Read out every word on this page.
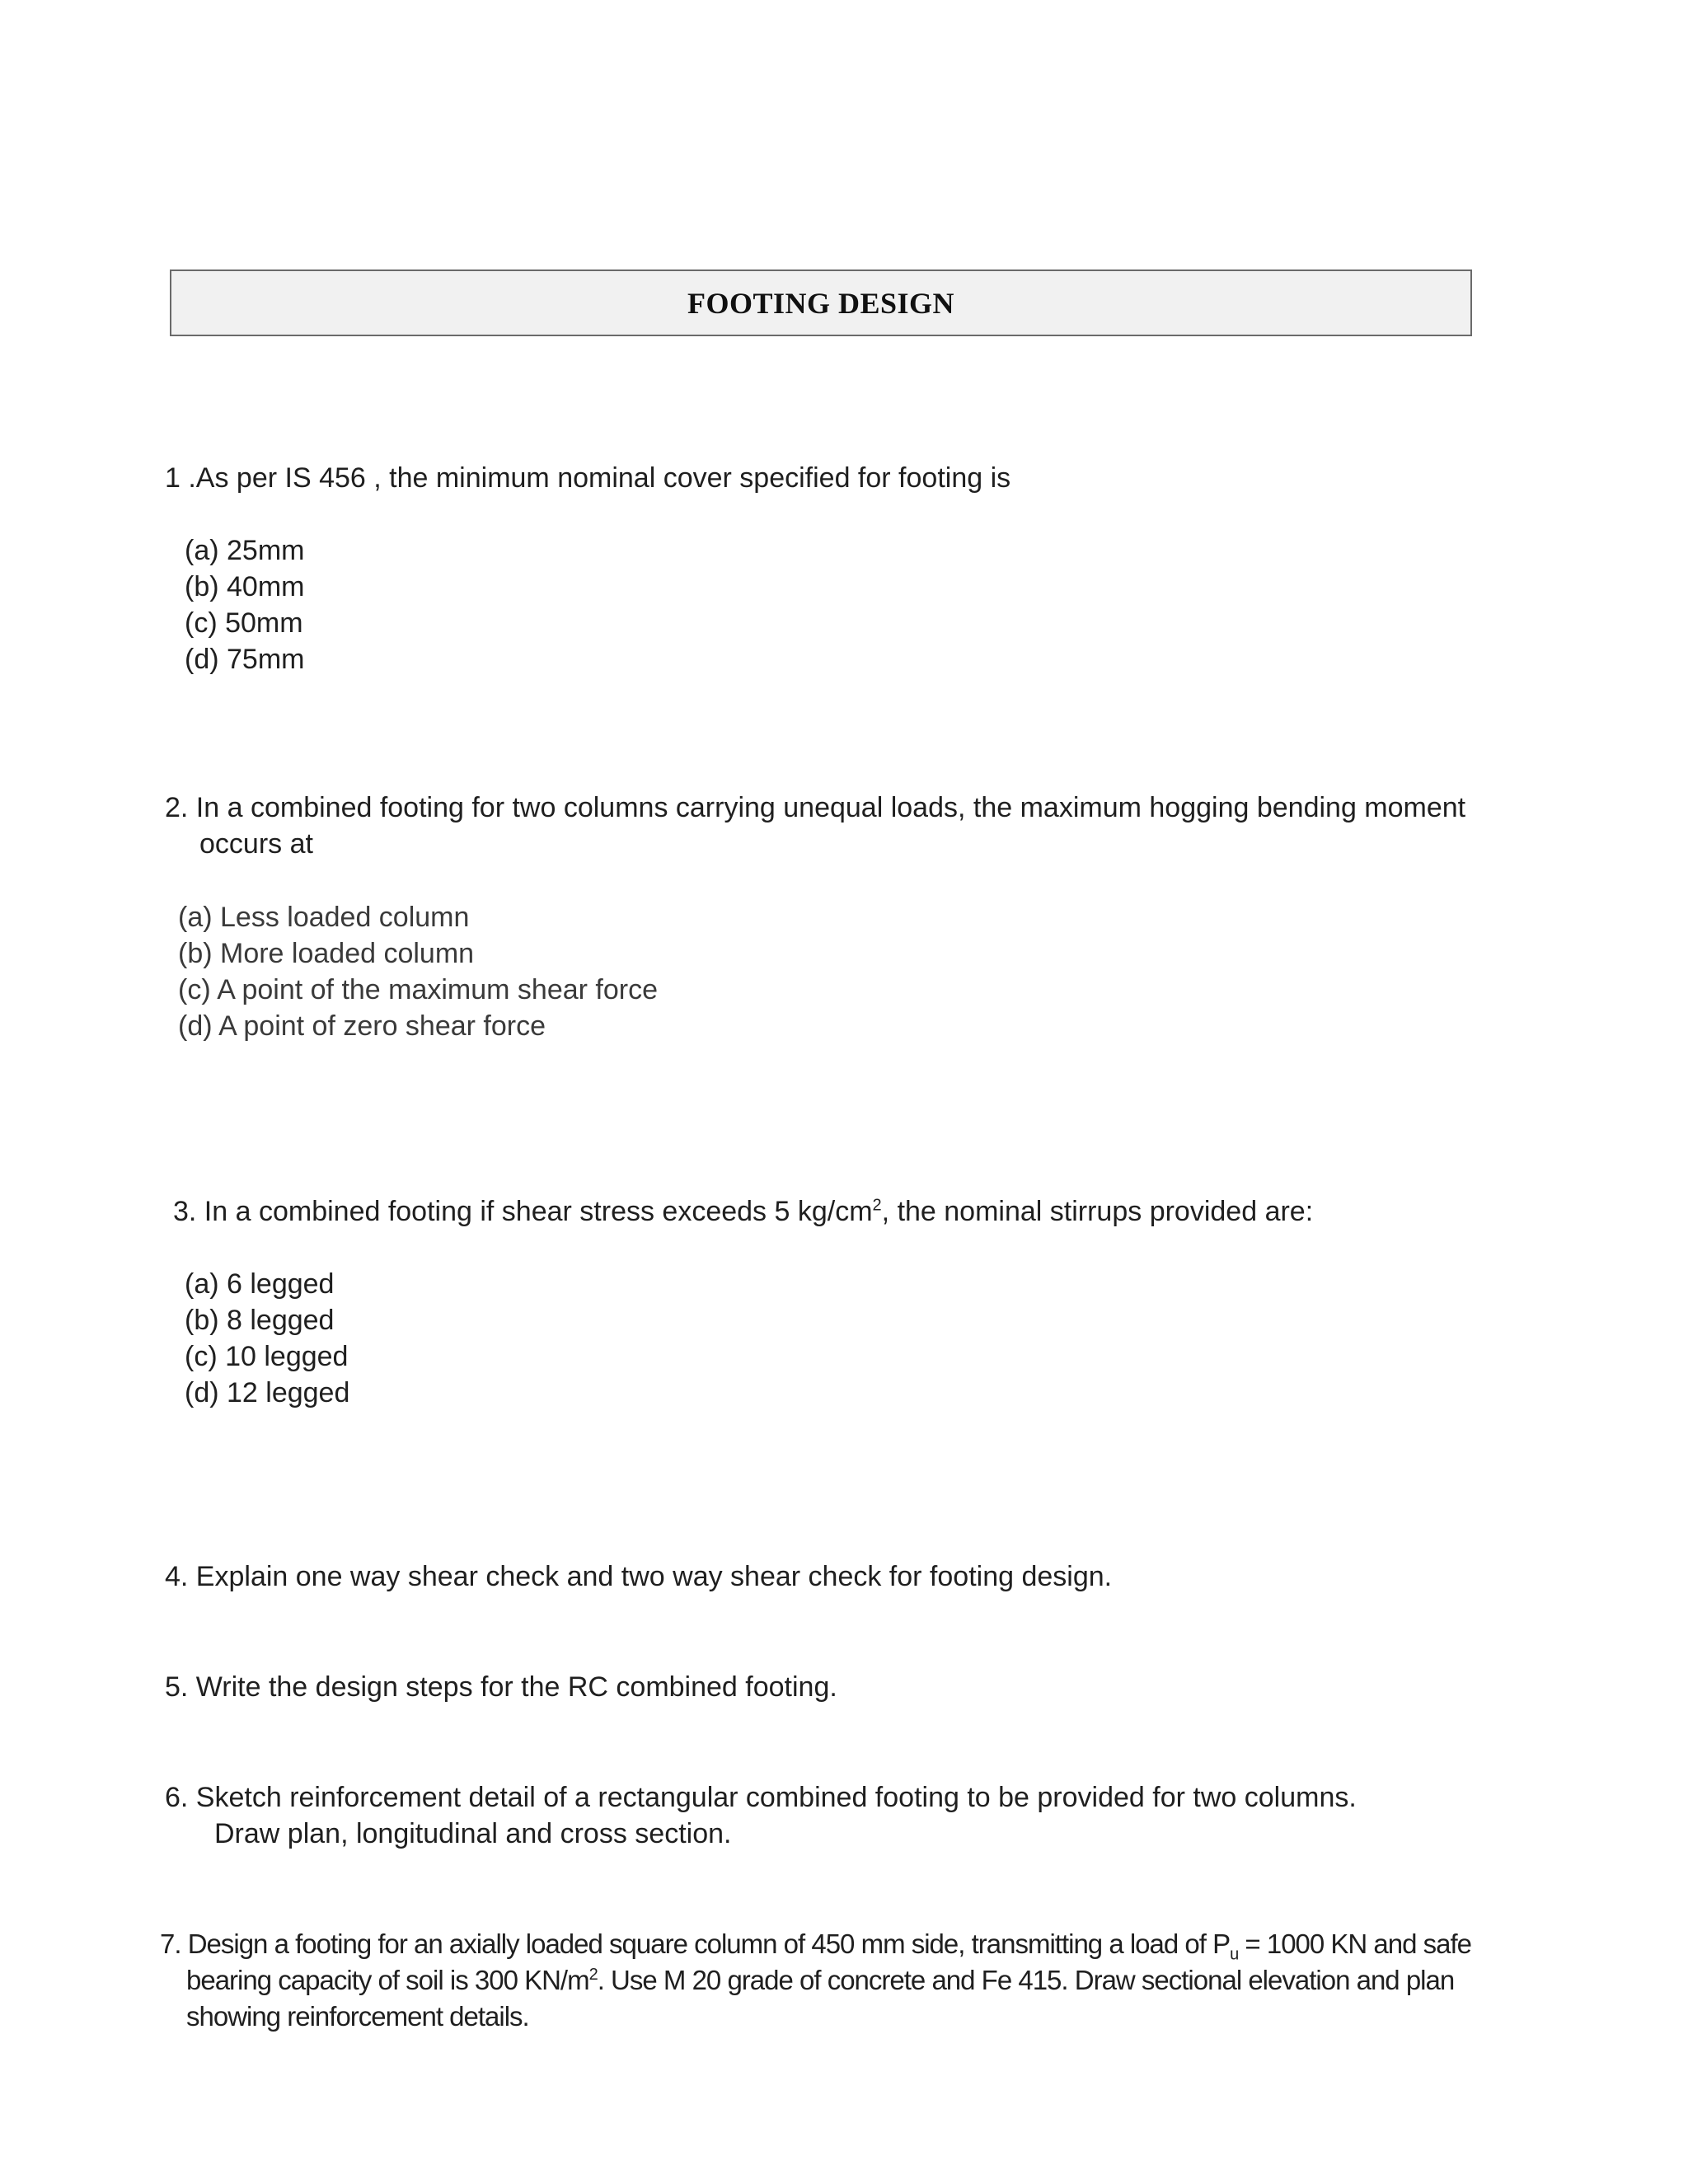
FOOTING DESIGN
1 .As per IS 456 , the minimum nominal cover specified for footing is
(a) 25mm
(b) 40mm
(c) 50mm
(d) 75mm
2. In a combined footing for two columns carrying unequal loads, the maximum hogging bending moment
occurs at
(a) Less loaded column
(b) More loaded column
(c) A point of the maximum shear force
(d) A point of zero shear force
3. In a combined footing if shear stress exceeds 5 $kg/cm^2$, the nominal stirrups provided are:
(a) 6 legged
(b) 8 legged
(c) 10 legged
(d) 12 legged
4. Explain one way shear check and two way shear check for footing design.
5. Write the design steps for the RC combined footing.
6. Sketch reinforcement detail of a rectangular combined footing to be provided for two columns.
Draw plan, longitudinal and cross section.
7. Design a footing for an axially loaded square column of 450 mm side, transmitting a load of $P_u = 1000$ KN and safe
bearing capacity of soil is 300 $KN/m^2$. Use M 20 grade of concrete and Fe 415. Draw sectional elevation and plan
showing reinforcement details.
